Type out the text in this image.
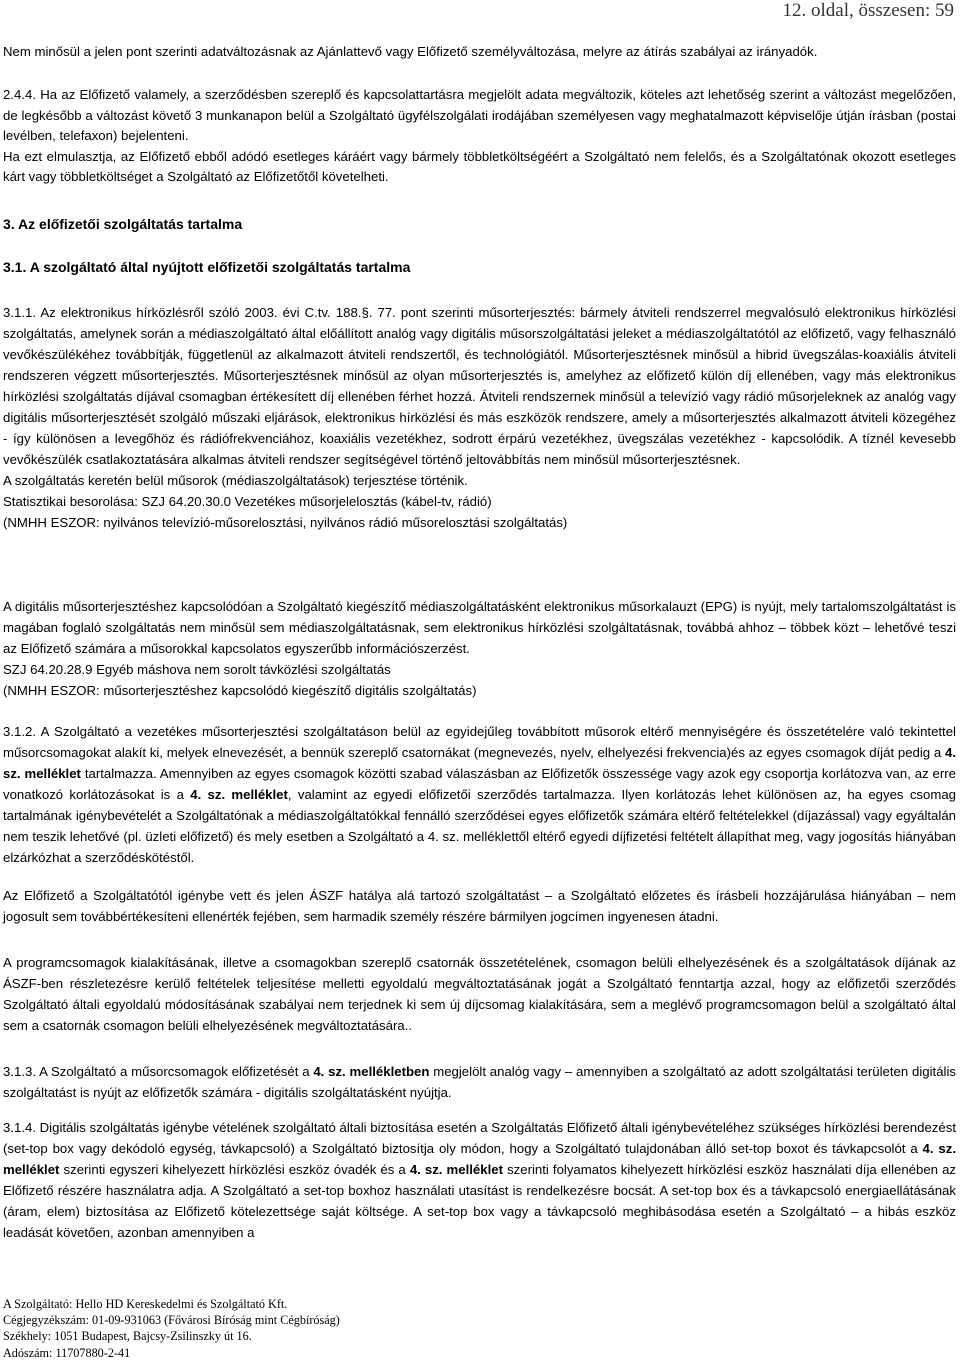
12. oldal, összesen: 59

Nem minősül a jelen pont szerinti adatváltozásnak az Ajánlattevő vagy Előfizető személyváltozása, melyre az átírás szabályai az irányadók.

2.4.4. Ha az Előfizető valamely, a szerződésben szereplő és kapcsolattartásra megjelölt adata megváltozik, köteles azt lehetőség szerint a változást megelőzően, de legkésőbb a változást követő 3 munkanapon belül a Szolgáltató ügyfélszolgálati irodájában személyesen vagy meghatalmazott képviselője útján írásban (postai levélben, telefaxon) bejelenteni.

Ha ezt elmulasztja, az Előfizető ebből adódó esetleges káráért vagy bármely többletköltségéért a Szolgáltató nem felelős, és a Szolgáltatónak okozott esetleges kárt vagy többletköltséget a Szolgáltató az Előfizetőtől követelheti.

3. Az előfizetői szolgáltatás tartalma

3.1. A szolgáltató által nyújtott előfizetői szolgáltatás tartalma

3.1.1. Az elektronikus hírközlésről szóló 2003. évi C.tv. 188.§. 77. pont szerinti műsorterjesztés: bármely átviteli rendszerrel megvalósuló elektronikus hírközlési szolgáltatás, amelynek során a médiaszolgáltató által előállított analóg vagy digitális műsorszolgáltatási jeleket a médiaszolgáltatótól az előfizető, vagy felhasználó vevőkészülékéhez továbbítják, függetlenül az alkalmazott átviteli rendszertől, és technológiától. Műsorterjesztésnek minősül a hibrid üvegszálas-koaxiális átviteli rendszeren végzett műsorterjesztés. Műsorterjesztésnek minősül az olyan műsorterjesztés is, amelyhez az előfizető külön díj ellenében, vagy más elektronikus hírközlési szolgáltatás díjával csomagban értékesített díj ellenében férhet hozzá. Átviteli rendszernek minősül a televízió vagy rádió műsorjeleknek az analóg vagy digitális műsorterjesztését szolgáló műszaki eljárások, elektronikus hírközlési és más eszközök rendszere, amely a műsorterjesztés alkalmazott átviteli közegéhez - így különösen a levegőhöz és rádiófrekvenciához, koaxiális vezetékhez, sodrott érpárú vezetékhez, üvegszálas vezetékhez - kapcsolódik. A tíznél kevesebb vevőkészülék csatlakoztatására alkalmas átviteli rendszer segítségével történő jeltovábbítás nem minősül műsorterjesztésnek.

A szolgáltatás keretén belül műsorok (médiaszolgáltatások) terjesztése történik.

Statisztikai besorolása: SZJ 64.20.30.0 Vezetékes műsorjelelosztás (kábel-tv, rádió)

(NMHH ESZOR: nyilvános televízió-műsorelosztási, nyilvános rádió műsorelosztási szolgáltatás)

A digitális műsorterjesztéshez kapcsolódóan a Szolgáltató kiegészítő médiaszolgáltatásként elektronikus műsorkalauzt (EPG) is nyújt, mely tartalomszolgáltatást is magában foglaló szolgáltatás nem minősül sem médiaszolgáltatásnak, sem elektronikus hírközlési szolgáltatásnak, továbbá ahhoz – többek közt – lehetővé teszi az Előfizető számára a műsorokkal kapcsolatos egyszerűbb információszerzést.

SZJ 64.20.28.9 Egyéb máshova nem sorolt távközlési szolgáltatás

(NMHH ESZOR: műsorterjesztéshez kapcsolódó kiegészítő digitális szolgáltatás)

3.1.2. A Szolgáltató a vezetékes műsorterjesztési szolgáltatáson belül az egyidejűleg továbbított műsorok eltérő mennyiségére és összetételére való tekintettel műsorcsomagokat alakít ki, melyek elnevezését, a bennük szereplő csatornákat (megnevezés, nyelv, elhelyezési frekvencia)és az egyes csomagok díját pedig a 4. sz. melléklet tartalmazza. Amennyiben az egyes csomagok közötti szabad válaszásban az Előfizetők összessége vagy azok egy csoportja korlátozva van, az erre vonatkozó korlátozásokat is a 4. sz. melléklet, valamint az egyedi előfizetői szerződés tartalmazza. Ilyen korlátozás lehet különösen az, ha egyes csomag tartalmának igénybevételét a Szolgáltatónak a médiaszolgáltatókkal fennálló szerződései egyes előfizetők számára eltérő feltételekkel (díjazással) vagy egyáltalán nem teszik lehetővé (pl. üzleti előfizető) és mely esetben a Szolgáltató a 4. sz. melléklettől eltérő egyedi díjfizetési feltételt állapíthat meg, vagy jogosítás hiányában elzárkózhat a szerződéskötéstől.

Az Előfizető a Szolgáltatótól igénybe vett és jelen ÁSZF hatálya alá tartozó szolgáltatást – a Szolgáltató előzetes és írásbeli hozzájárulása hiányában – nem jogosult sem továbbértékesíteni ellenérték fejében, sem harmadik személy részére bármilyen jogcímen ingyenesen átadni.

A programcsomagok kialakításának, illetve a csomagokban szereplő csatornák összetételének, csomagon belüli elhelyezésének és a szolgáltatások díjának az ÁSZF-ben részletezésre kerülő feltételek teljesítése melletti egyoldalú megváltoztatásának jogát a Szolgáltató fenntartja azzal, hogy az előfizetői szerződés Szolgáltató általi egyoldalú módosításának szabályai nem terjednek ki sem új díjcsomag kialakítására, sem a meglévő programcsomagon belül a szolgáltató által sem a csatornák csomagon belüli elhelyezésének megváltoztatására..

3.1.3. A Szolgáltató a műsorcsomagok előfizetését a 4. sz. mellékletben megjelölt analóg vagy – amennyiben a szolgáltató az adott szolgáltatási területen digitális szolgáltatást is nyújt az előfizetők számára - digitális szolgáltatásként nyújtja.

3.1.4. Digitális szolgáltatás igénybe vételének szolgáltató általi biztosítása esetén a Szolgáltatás Előfizető általi igénybevételéhez szükséges hírközlési berendezést (set-top box vagy dekódoló egység, távkapcsoló) a Szolgáltató biztosítja oly módon, hogy a Szolgáltató tulajdonában álló set-top boxot és távkapcsolót a 4. sz. melléklet szerinti egyszeri kihelyezett hírközlési eszköz óvadék és a 4. sz. melléklet szerinti folyamatos kihelyezett hírközlési eszköz használati díja ellenében az Előfizető részére használatra adja. A Szolgáltató a set-top boxhoz használati utasítást is rendelkezésre bocsát. A set-top box és a távkapcsoló energiaellátásának (áram, elem) biztosítása az Előfizető kötelezettsége saját költsége. A set-top box vagy a távkapcsoló meghibásodása esetén a Szolgáltató – a hibás eszköz leadását követően, azonban amennyiben a

A Szolgáltató: Hello HD Kereskedelmi és Szolgáltató Kft.
Cégjegyzékszám: 01-09-931063 (Fővárosi Bíróság mint Cégbíróság)
Székhely: 1051 Budapest, Bajcsy-Zsilinszky út 16.
Adószám: 11707880-2-41
